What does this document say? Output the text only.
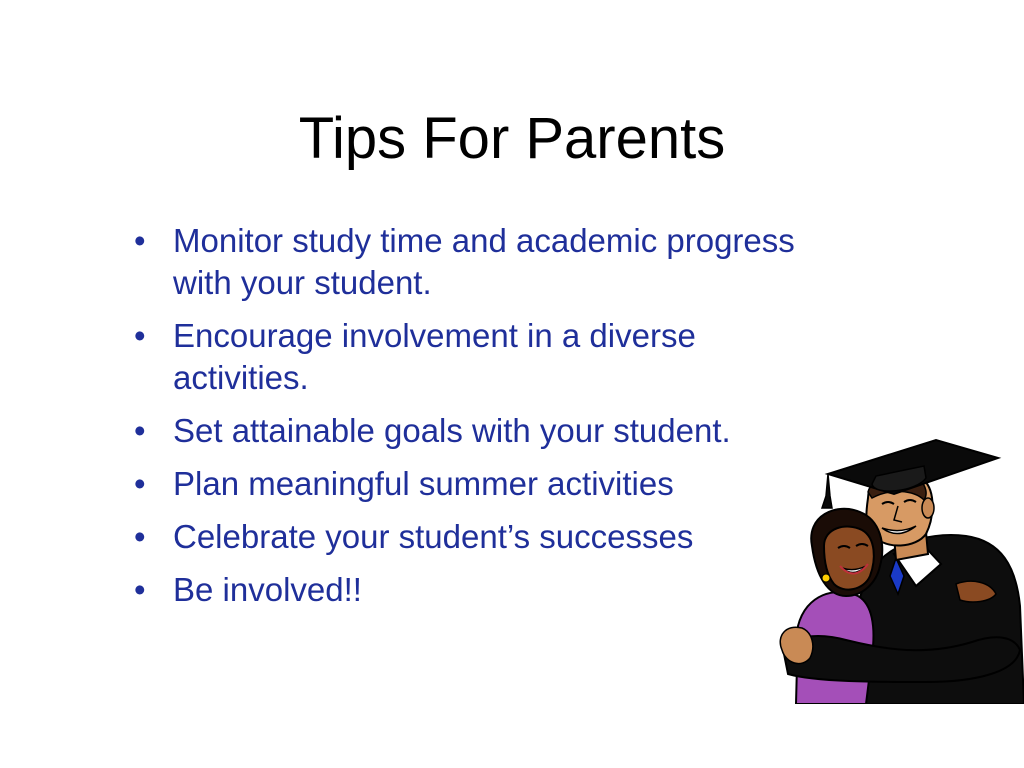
Tips For Parents
• Monitor study time and academic progress with your student.
• Encourage involvement in a diverse activities.
• Set attainable goals with your student.
• Plan meaningful summer activities
• Celebrate your student’s successes
• Be involved!!
